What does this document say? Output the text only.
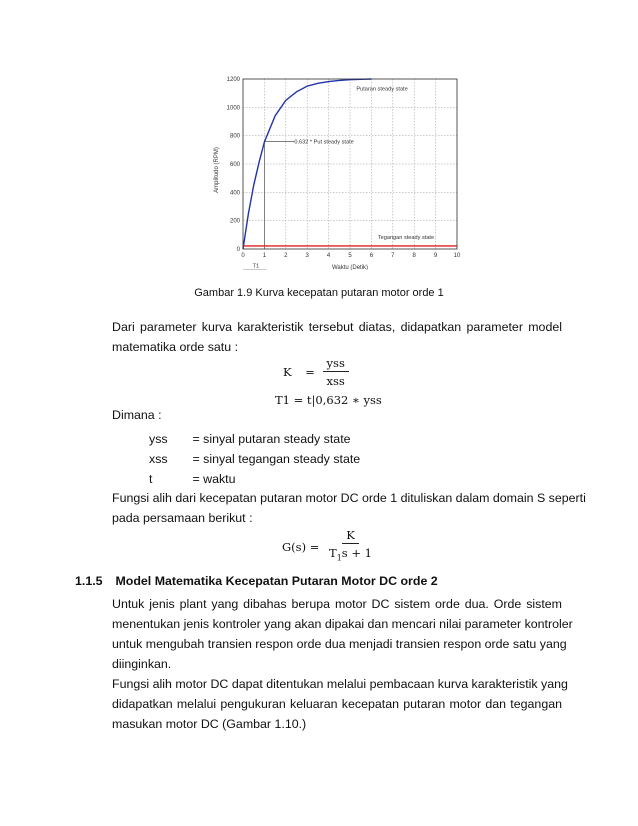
0	1	2	3	4	5	6	7	8	9	10
0
200
400
600
800
1000
1200
Amplitudo (RPM)
Waktu (Detik)
Putaran steady state
0.632 * Put steady state
Tegangan steady state
T1
Gambar 1.9 Kurva kecepatan putaran motor orde 1
Dari parameter kurva karakteristik tersebut diatas, didapatkan parameter model
matematika orde satu :
$K = \frac{\text{yss}}{\text{xss}}$
T1 = t|0,632 ∗ yss
Dimana :
yss = sinyal putaran steady state
xss = sinyal tegangan steady state
t	= waktu
Fungsi alih dari kecepatan putaran motor DC orde 1 dituliskan dalam domain S seperti
pada persamaan berikut :
$G(s) = \frac{K}{T_1s + 1}$
1.1.5 Model Matematika Kecepatan Putaran Motor DC orde 2
Untuk jenis plant yang dibahas berupa motor DC sistem orde dua. Orde sistem
menentukan jenis kontroler yang akan dipakai dan mencari nilai parameter kontroler
untuk mengubah transien respon orde dua menjadi transien respon orde satu yang
diinginkan.
Fungsi alih motor DC dapat ditentukan melalui pembacaan kurva karakteristik yang
didapatkan melalui pengukuran keluaran kecepatan putaran motor dan tegangan
masukan motor DC (Gambar 1.10.)
